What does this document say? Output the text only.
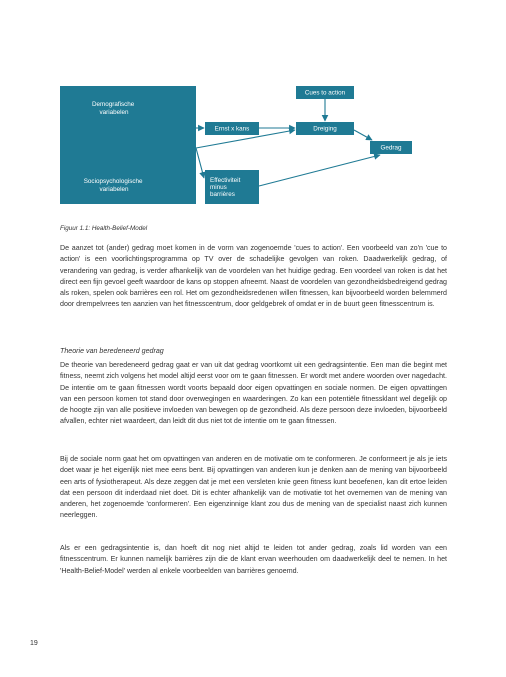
Demografische variabelen
Sociopsychologische variabelen
Cues to action
Ernst x kans	Dreiging
Gedrag
Effectiviteit minus barrières
Figuur 1.1: Health-Belief-Model

De aanzet tot (ander) gedrag moet komen in de vorm van zogenoemde 'cues to action'. Een voorbeeld van zo'n 'cue to action' is een voorlichtingsprogramma op TV over de schadelijke gevolgen van roken. Daadwerkelijk gedrag, of verandering van gedrag, is verder afhankelijk van de voordelen van het huidige gedrag. Een voordeel van roken is dat het direct een fijn gevoel geeft waardoor de kans op stoppen afneemt. Naast de voordelen van gezondheidsbedreigend gedrag als roken, spelen ook barrières een rol. Het om gezondheidsredenen willen fitnessen, kan bijvoorbeeld worden belemmerd door drempelvrees ten aanzien van het fitnesscentrum, door geldgebrek of omdat er in de buurt geen fitnesscentrum is.

Theorie van beredeneerd gedrag

De theorie van beredeneerd gedrag gaat er van uit dat gedrag voortkomt uit een gedragsintentie. Een man die begint met fitness, neemt zich volgens het model altijd eerst voor om te gaan fitnessen. Er wordt met andere woorden over nagedacht. De intentie om te gaan fitnessen wordt voorts bepaald door eigen opvattingen en sociale normen. De eigen opvattingen van een persoon komen tot stand door overwegingen en waarderingen. Zo kan een potentiële fitnessklant wel degelijk op de hoogte zijn van alle positieve invloeden van bewegen op de gezondheid. Als deze persoon deze invloeden, bijvoorbeeld afvallen, echter niet waardeert, dan leidt dit dus niet tot de intentie om te gaan fitnessen.

Bij de sociale norm gaat het om opvattingen van anderen en de motivatie om te conformeren. Je conformeert je als je iets doet waar je het eigenlijk niet mee eens bent. Bij opvattingen van anderen kun je denken aan de mening van bijvoorbeeld een arts of fysiotherapeut. Als deze zeggen dat je met een versleten knie geen fitness kunt beoefenen, kan dit ertoe leiden dat een persoon dit inderdaad niet doet. Dit is echter afhankelijk van de motivatie tot het overnemen van de mening van anderen, het zogenoemde 'conformeren'. Een eigenzinnige klant zou dus de mening van de specialist naast zich kunnen neerleggen.

Als er een gedragsintentie is, dan hoeft dit nog niet altijd te leiden tot ander gedrag, zoals lid worden van een fitnesscentrum. Er kunnen namelijk barrières zijn die de klant ervan weerhouden om daadwerkelijk deel te nemen. In het 'Health-Belief-Model' werden al enkele voorbeelden van barrières genoemd.

19
